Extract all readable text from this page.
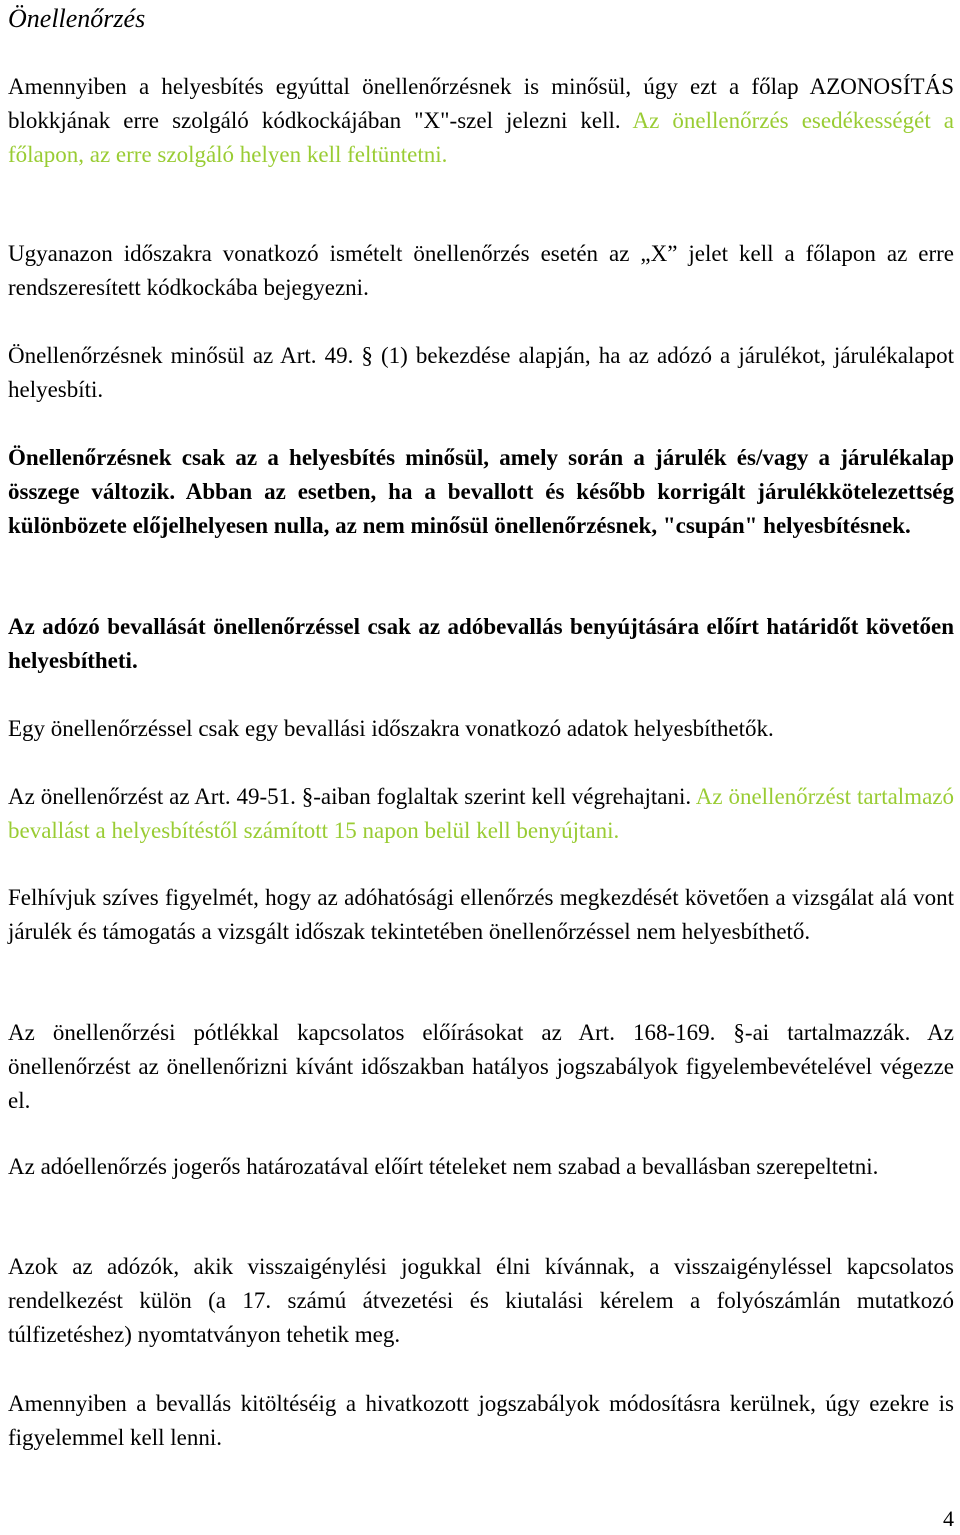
Önellenőrzés

Amennyiben a helyesbítés egyúttal önellenőrzésnek is minősül, úgy ezt a főlap AZONOSÍTÁS blokkjának erre szolgáló kódkockájában "X"-szel jelezni kell. Az önellenőrzés esedékességét a főlapon, az erre szolgáló helyen kell feltüntetni.

Ugyanazon időszakra vonatkozó ismételt önellenőrzés esetén az „X” jelet kell a főlapon az erre rendszeresített kódkockába bejegyezni.

Önellenőrzésnek minősül az Art. 49. § (1) bekezdése alapján, ha az adózó a járulékot, járulékalapot helyesbíti.

Önellenőrzésnek csak az a helyesbítés minősül, amely során a járulék és/vagy a járulékalap összege változik. Abban az esetben, ha a bevallott és később korrigált járulékkötelezettség különbözete előjelhelyesen nulla, az nem minősül önellenőrzésnek, "csupán" helyesbítésnek.

Az adózó bevallását önellenőrzéssel csak az adóbevallás benyújtására előírt határidőt követően helyesbítheti.

Egy önellenőrzéssel csak egy bevallási időszakra vonatkozó adatok helyesbíthetők.

Az önellenőrzést az Art. 49-51. §-aiban foglaltak szerint kell végrehajtani. Az önellenőrzést tartalmazó bevallást a helyesbítéstől számított 15 napon belül kell benyújtani.

Felhívjuk szíves figyelmét, hogy az adóhatósági ellenőrzés megkezdését követően a vizsgálat alá vont járulék és támogatás a vizsgált időszak tekintetében önellenőrzéssel nem helyesbíthető.

Az önellenőrzési pótlékkal kapcsolatos előírásokat az Art. 168-169. §-ai tartalmazzák. Az önellenőrzést az önellenőrizni kívánt időszakban hatályos jogszabályok figyelembevételével végezze el.

Az adóellenőrzés jogerős határozatával előírt tételeket nem szabad a bevallásban szerepeltetni.

Azok az adózók, akik visszaigénylési jogukkal élni kívánnak, a visszaigényléssel kapcsolatos rendelkezést külön (a 17. számú átvezetési és kiutalási kérelem a folyószámlán mutatkozó túlfizetéshez) nyomtatványon tehetik meg.

Amennyiben a bevallás kitöltéséig a hivatkozott jogszabályok módosításra kerülnek, úgy ezekre is figyelemmel kell lenni.

4
